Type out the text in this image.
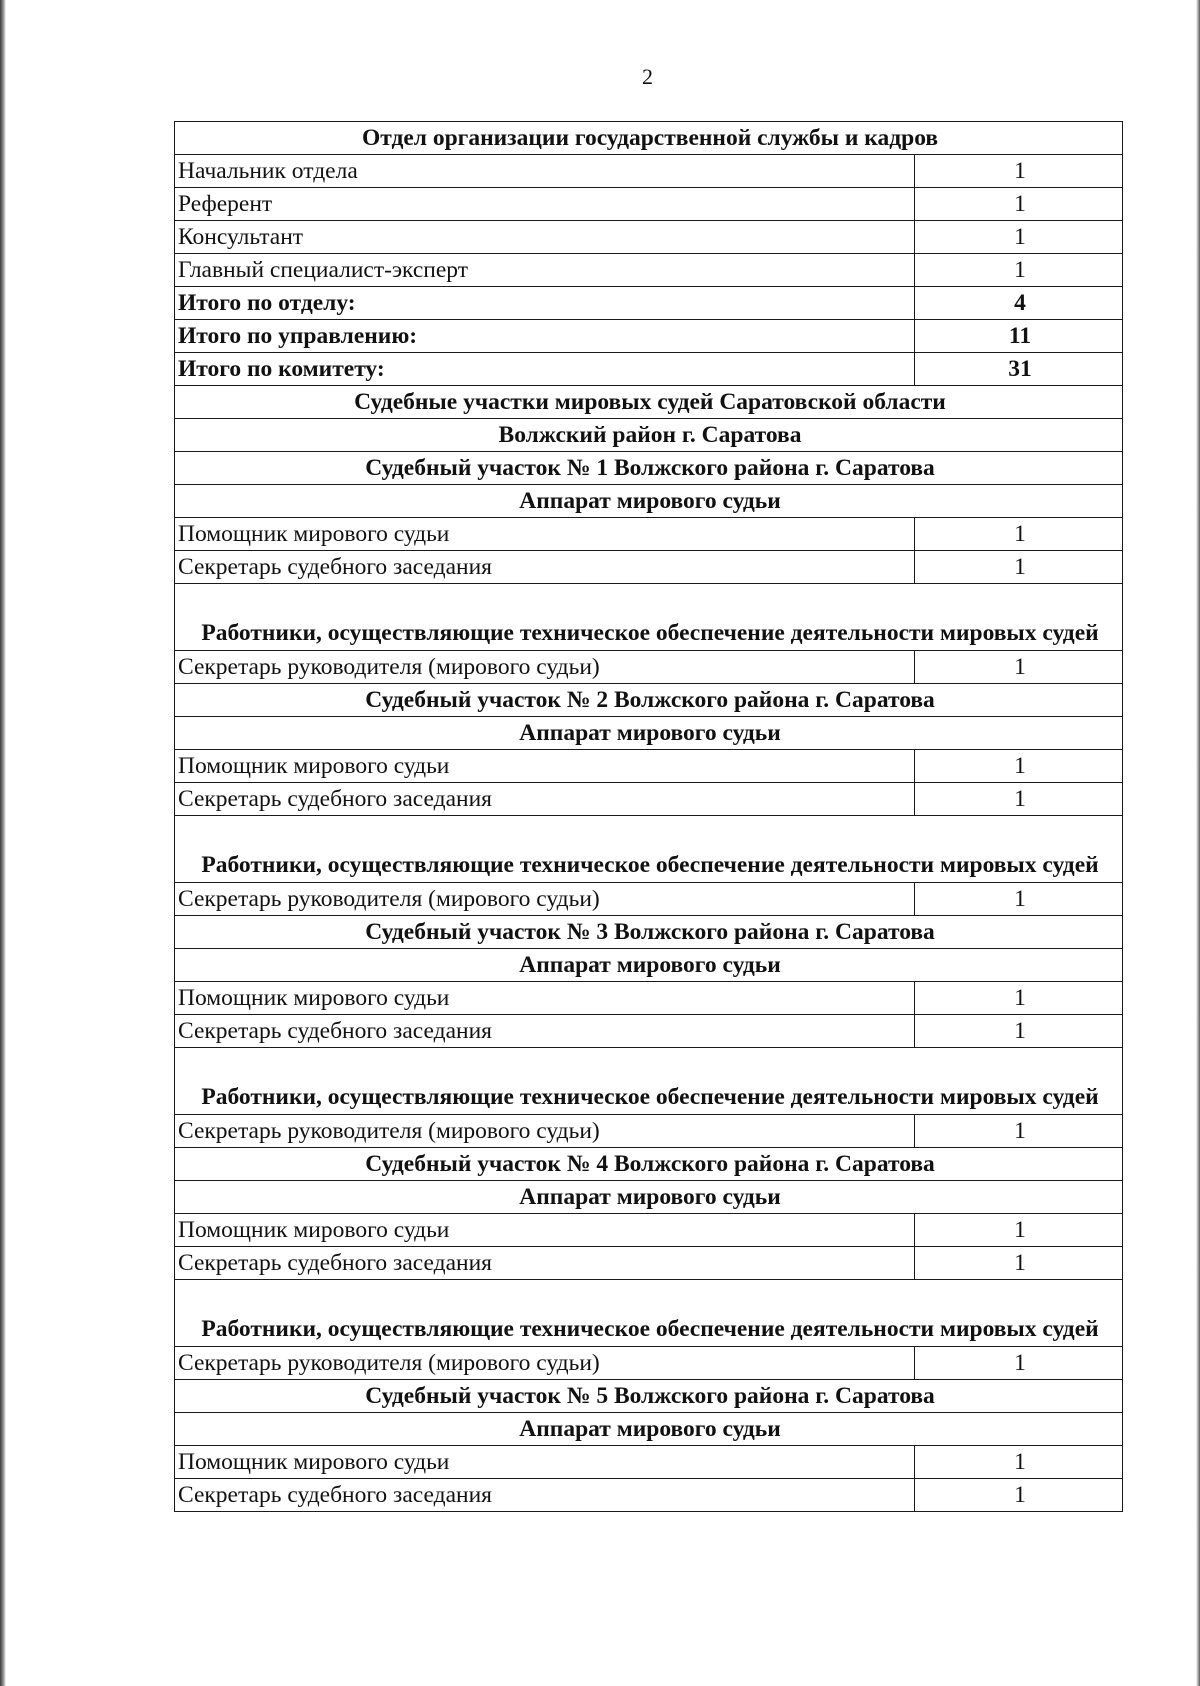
2
Отдел организации государственной службы и кадров	
Начальник отдела	1
Референт	1
Консультант	1
Главный специалист-эксперт	1
Итого по отделу:	4
Итого по управлению:	11
Итого по комитету:	31
Судебные участки мировых судей Саратовской области	
Волжский район г. Саратова	
Судебный участок № 1 Волжского района г. Саратова	
Аппарат мирового судьи	
Помощник мирового судьи	1
Секретарь судебного заседания	1
Работники, осуществляющие техническое обеспечение деятельности мировых судей	
Секретарь руководителя (мирового судьи)	1
Судебный участок № 2 Волжского района г. Саратова	
Аппарат мирового судьи	
Помощник мирового судьи	1
Секретарь судебного заседания	1
Работники, осуществляющие техническое обеспечение деятельности мировых судей	
Секретарь руководителя (мирового судьи)	1
Судебный участок № 3 Волжского района г. Саратова	
Аппарат мирового судьи	
Помощник мирового судьи	1
Секретарь судебного заседания	1
Работники, осуществляющие техническое обеспечение деятельности мировых судей	
Секретарь руководителя (мирового судьи)	1
Судебный участок № 4 Волжского района г. Саратова	
Аппарат мирового судьи	
Помощник мирового судьи	1
Секретарь судебного заседания	1
Работники, осуществляющие техническое обеспечение деятельности мировых судей	
Секретарь руководителя (мирового судьи)	1
Судебный участок № 5 Волжского района г. Саратова	
Аппарат мирового судьи	
Помощник мирового судьи	1
Секретарь судебного заседания	1
